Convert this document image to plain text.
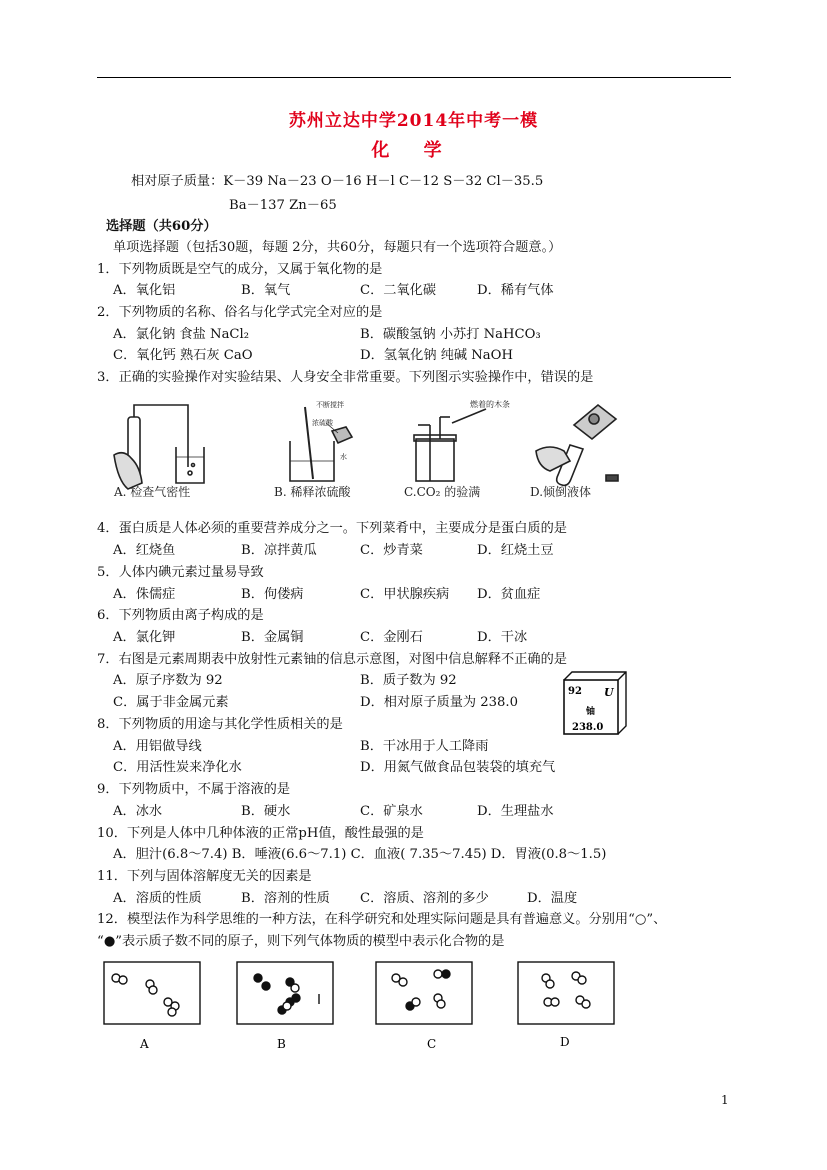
苏州立达中学2014年中考一模
化 学
相对原子质量：K－39 Na－23 O－16 H－l C－12 S－32 Cl－35.5
Ba－137 Zn－65
选择题（共60分）
单项选择题（包括30题，每题 2分，共60分，每题只有一个选项符合题意。）
1．下列物质既是空气的成分，又属于氧化物的是
A．氧化铝	B．氧气	C．二氧化碳	D．稀有气体
2．下列物质的名称、俗名与化学式完全对应的是
A．氯化钠 食盐 NaCl₂	B．碳酸氢钠 小苏打 NaHCO₃
C．氧化钙 熟石灰 CaO	D．氢氧化钠 纯碱 NaOH
3．正确的实验操作对实验结果、人身安全非常重要。下列图示实验操作中，错误的是
A. 检查气密性
不断搅拌
浓硫酸
水
B. 稀释浓硫酸
燃着的木条
C.CO₂ 的验满	D.倾倒液体
4．蛋白质是人体必须的重要营养成分之一。下列菜肴中，主要成分是蛋白质的是
A．红烧鱼	B．凉拌黄瓜	C．炒青菜	D．红烧土豆
5．人体内碘元素过量易导致
A．侏儒症	B．佝偻病	C．甲状腺疾病 D．贫血症
6．下列物质由离子构成的是
A．氯化钾	B．金属铜	C．金刚石	D．干冰
7．右图是元素周期表中放射性元素铀的信息示意图，对图中信息解释不正确的是
A．原子序数为 92	B．质子数为 92
C．属于非金属元素	D．相对原子质量为 238.0
92 U
铀
238.0
8．下列物质的用途与其化学性质相关的是
A．用铝做导线	B．干冰用于人工降雨
C．用活性炭来净化水	D．用氮气做食品包装袋的填充气
9．下列物质中，不属于溶液的是
A．冰水	B．硬水	C．矿泉水	D．生理盐水
10．下列是人体中几种体液的正常pH值，酸性最强的是
A．胆汁(6.8～7.4) B．唾液(6.6～7.1) C．血液( 7.35～7.45) D．胃液(0.8～1.5)
11．下列与固体溶解度无关的因素是
A．溶质的性质	B．溶剂的性质 C．溶质、溶剂的多少	D．温度
12．模型法作为科学思维的一种方法，在科学研究和处理实际问题是具有普遍意义。分别用“○”、
“●”表示质子数不同的原子，则下列气体物质的模型中表示化合物的是
A	B	C	D
1
